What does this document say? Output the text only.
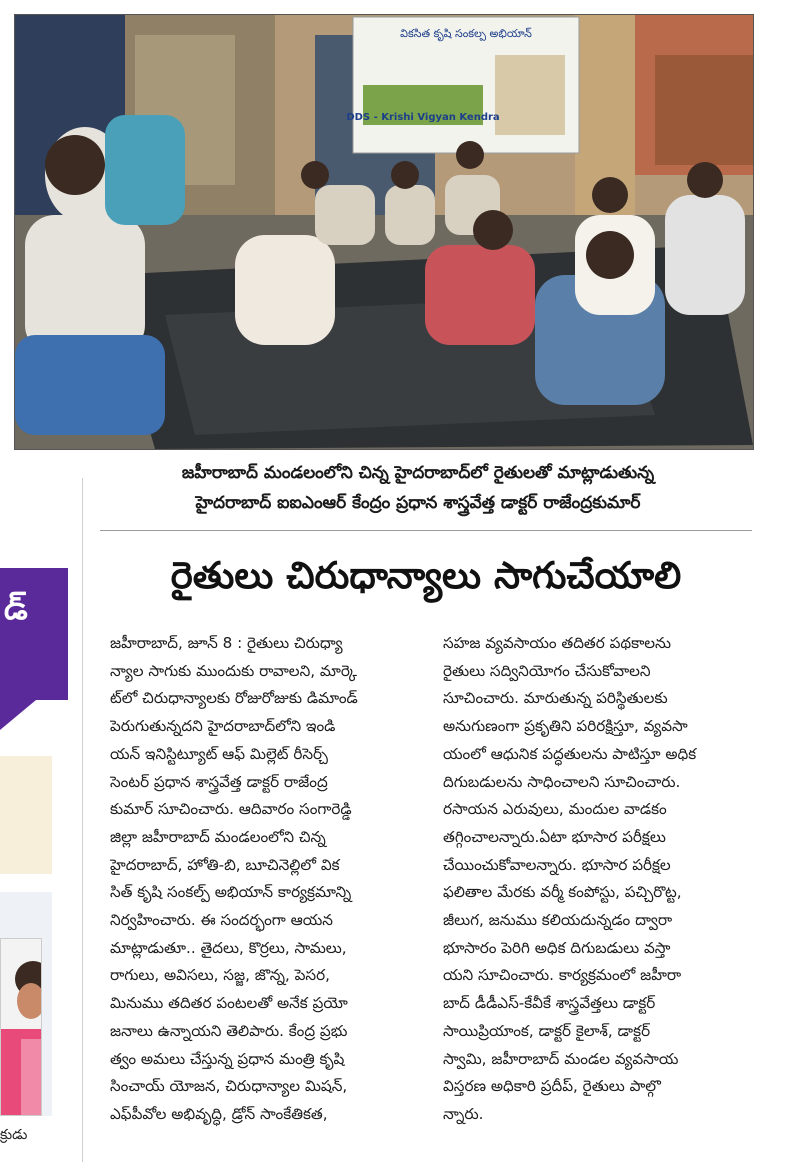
వికసిత కృషి సంకల్ప అభియాన్
DDS - Krishi Vigyan Kendra
జహీరాబాద్ మండలంలోని చిన్న హైదరాబాద్‌లో రైతులతో మాట్లాడుతున్న
హైదరాబాద్ ఐఐఎంఆర్ కేంద్రం ప్రధాన శాస్త్రవేత్త డాక్టర్ రాజేంద్రకుమార్
రైతులు చిరుధాన్యాలు సాగుచేయాలి
జహీరాబాద్, జూన్ 8 : రైతులు చిరుధ్యా
న్యాల సాగుకు ముందుకు రావాలని, మార్కె
ట్‌లో చిరుధాన్యాలకు రోజురోజుకు డిమాండ్
పెరుగుతున్నదని హైదరాబాద్‌లోని ఇండి
యన్ ఇనిస్టిట్యూట్ ఆఫ్ మిల్లెట్ రీసెర్చ్
సెంటర్ ప్రధాన శాస్త్రవేత్త డాక్టర్ రాజేంద్ర
కుమార్ సూచించారు. ఆదివారం సంగారెడ్డి
జిల్లా జహీరాబాద్ మండలంలోని చిన్న
హైదరాబాద్, హోతి-బి, బూచినెల్లిలో విక
సిత్ కృషి సంకల్ప్ అభియాన్ కార్యక్రమాన్ని
నిర్వహించారు. ఈ సందర్భంగా ఆయన
మాట్లాడుతూ.. తైదలు, కొర్రలు, సామలు,
రాగులు, అవిసలు, సజ్జ, జొన్న, పెసర,
మినుము తదితర పంటలతో అనేక ప్రయో
జనాలు ఉన్నాయని తెలిపారు. కేంద్ర ప్రభు
త్వం అమలు చేస్తున్న ప్రధాన మంత్రి కృషి
సించాయ్ యోజన, చిరుధాన్యాల మిషన్,
ఎఫ్‌పీవోల అభివృద్ధి, డ్రోన్ సాంకేతికత,
సహజ వ్యవసాయం తదితర పథకాలను
రైతులు సద్వినియోగం చేసుకోవాలని
సూచించారు. మారుతున్న పరిస్థితులకు
అనుగుణంగా ప్రకృతిని పరిరక్షిస్తూ, వ్యవసా
యంలో ఆధునిక పద్ధతులను పాటిస్తూ అధిక
దిగుబడులను సాధించాలని సూచించారు.
రసాయన ఎరువులు, మందుల వాడకం
తగ్గించాలన్నారు.ఏటా భూసార పరీక్షలు
చేయించుకోవాలన్నారు. భూసార పరీక్షల
ఫలితాల మేరకు వర్మీ కంపోస్టు, పచ్చిరొట్ట,
జీలుగ, జనుము కలియదున్నడం ద్వారా
భూసారం పెరిగి అధిక దిగుబడులు వస్తా
యని సూచించారు. కార్యక్రమంలో జహీరా
బాద్ డీడీఎస్-కేవీకే శాస్త్రవేత్తలు డాక్టర్
సాయిప్రియాంక, డాక్టర్ కైలాశ్, డాక్టర్
స్వామి, జహీరాబాద్ మండల వ్యవసాయ
విస్తరణ అధికారి ప్రదీప్, రైతులు పాల్గొ
న్నారు.
డ్
క్రుడు
